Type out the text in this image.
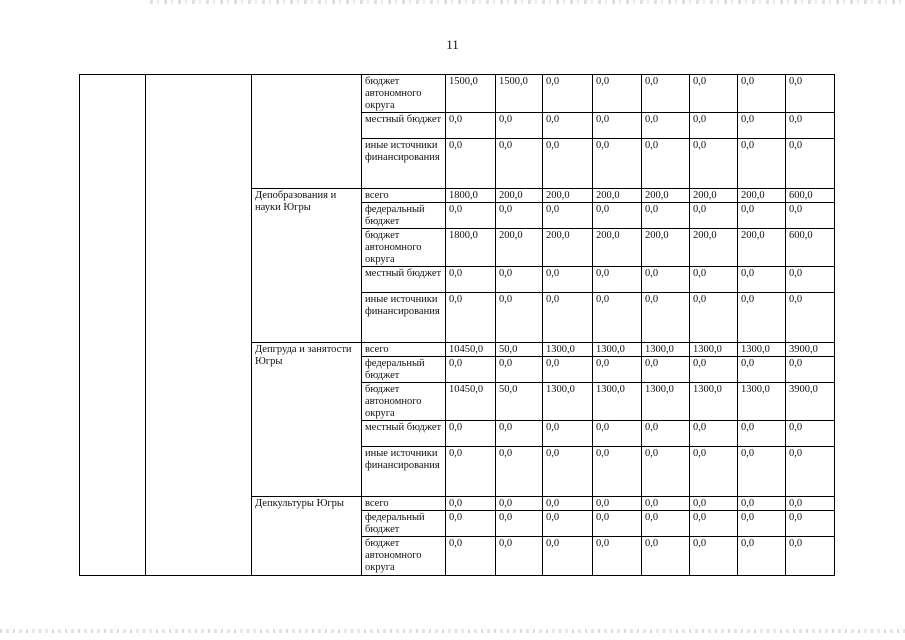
11
			бюджет автономного округа	1500,0	1500,0	0,0	0,0	0,0	0,0	0,0	0,0
			местный бюджет	0,0	0,0	0,0	0,0	0,0	0,0	0,0	0,0
			иные источники финансирования	0,0	0,0	0,0	0,0	0,0	0,0	0,0	0,0
		Депобразования и науки Югры	всего	1800,0	200,0	200,0	200,0	200,0	200,0	200,0	600,0
			федеральный бюджет	0,0	0,0	0,0	0,0	0,0	0,0	0,0	0,0
			бюджет автономного округа	1800,0	200,0	200,0	200,0	200,0	200,0	200,0	600,0
			местный бюджет	0,0	0,0	0,0	0,0	0,0	0,0	0,0	0,0
			иные источники финансирования	0,0	0,0	0,0	0,0	0,0	0,0	0,0	0,0
		Депгруда и занятости Югры	всего	10450,0	50,0	1300,0	1300,0	1300,0	1300,0	1300,0	3900,0
			федеральный бюджет	0,0	0,0	0,0	0,0	0,0	0,0	0,0	0,0
			бюджет автономного округа	10450,0	50,0	1300,0	1300,0	1300,0	1300,0	1300,0	3900,0
			местный бюджет	0,0	0,0	0,0	0,0	0,0	0,0	0,0	0,0
			иные источники финансирования	0,0	0,0	0,0	0,0	0,0	0,0	0,0	0,0
		Депкультуры Югры	всего	0,0	0,0	0,0	0,0	0,0	0,0	0,0	0,0
			федеральный бюджет	0,0	0,0	0,0	0,0	0,0	0,0	0,0	0,0
			бюджет автономного округа	0,0	0,0	0,0	0,0	0,0	0,0	0,0	0,0
